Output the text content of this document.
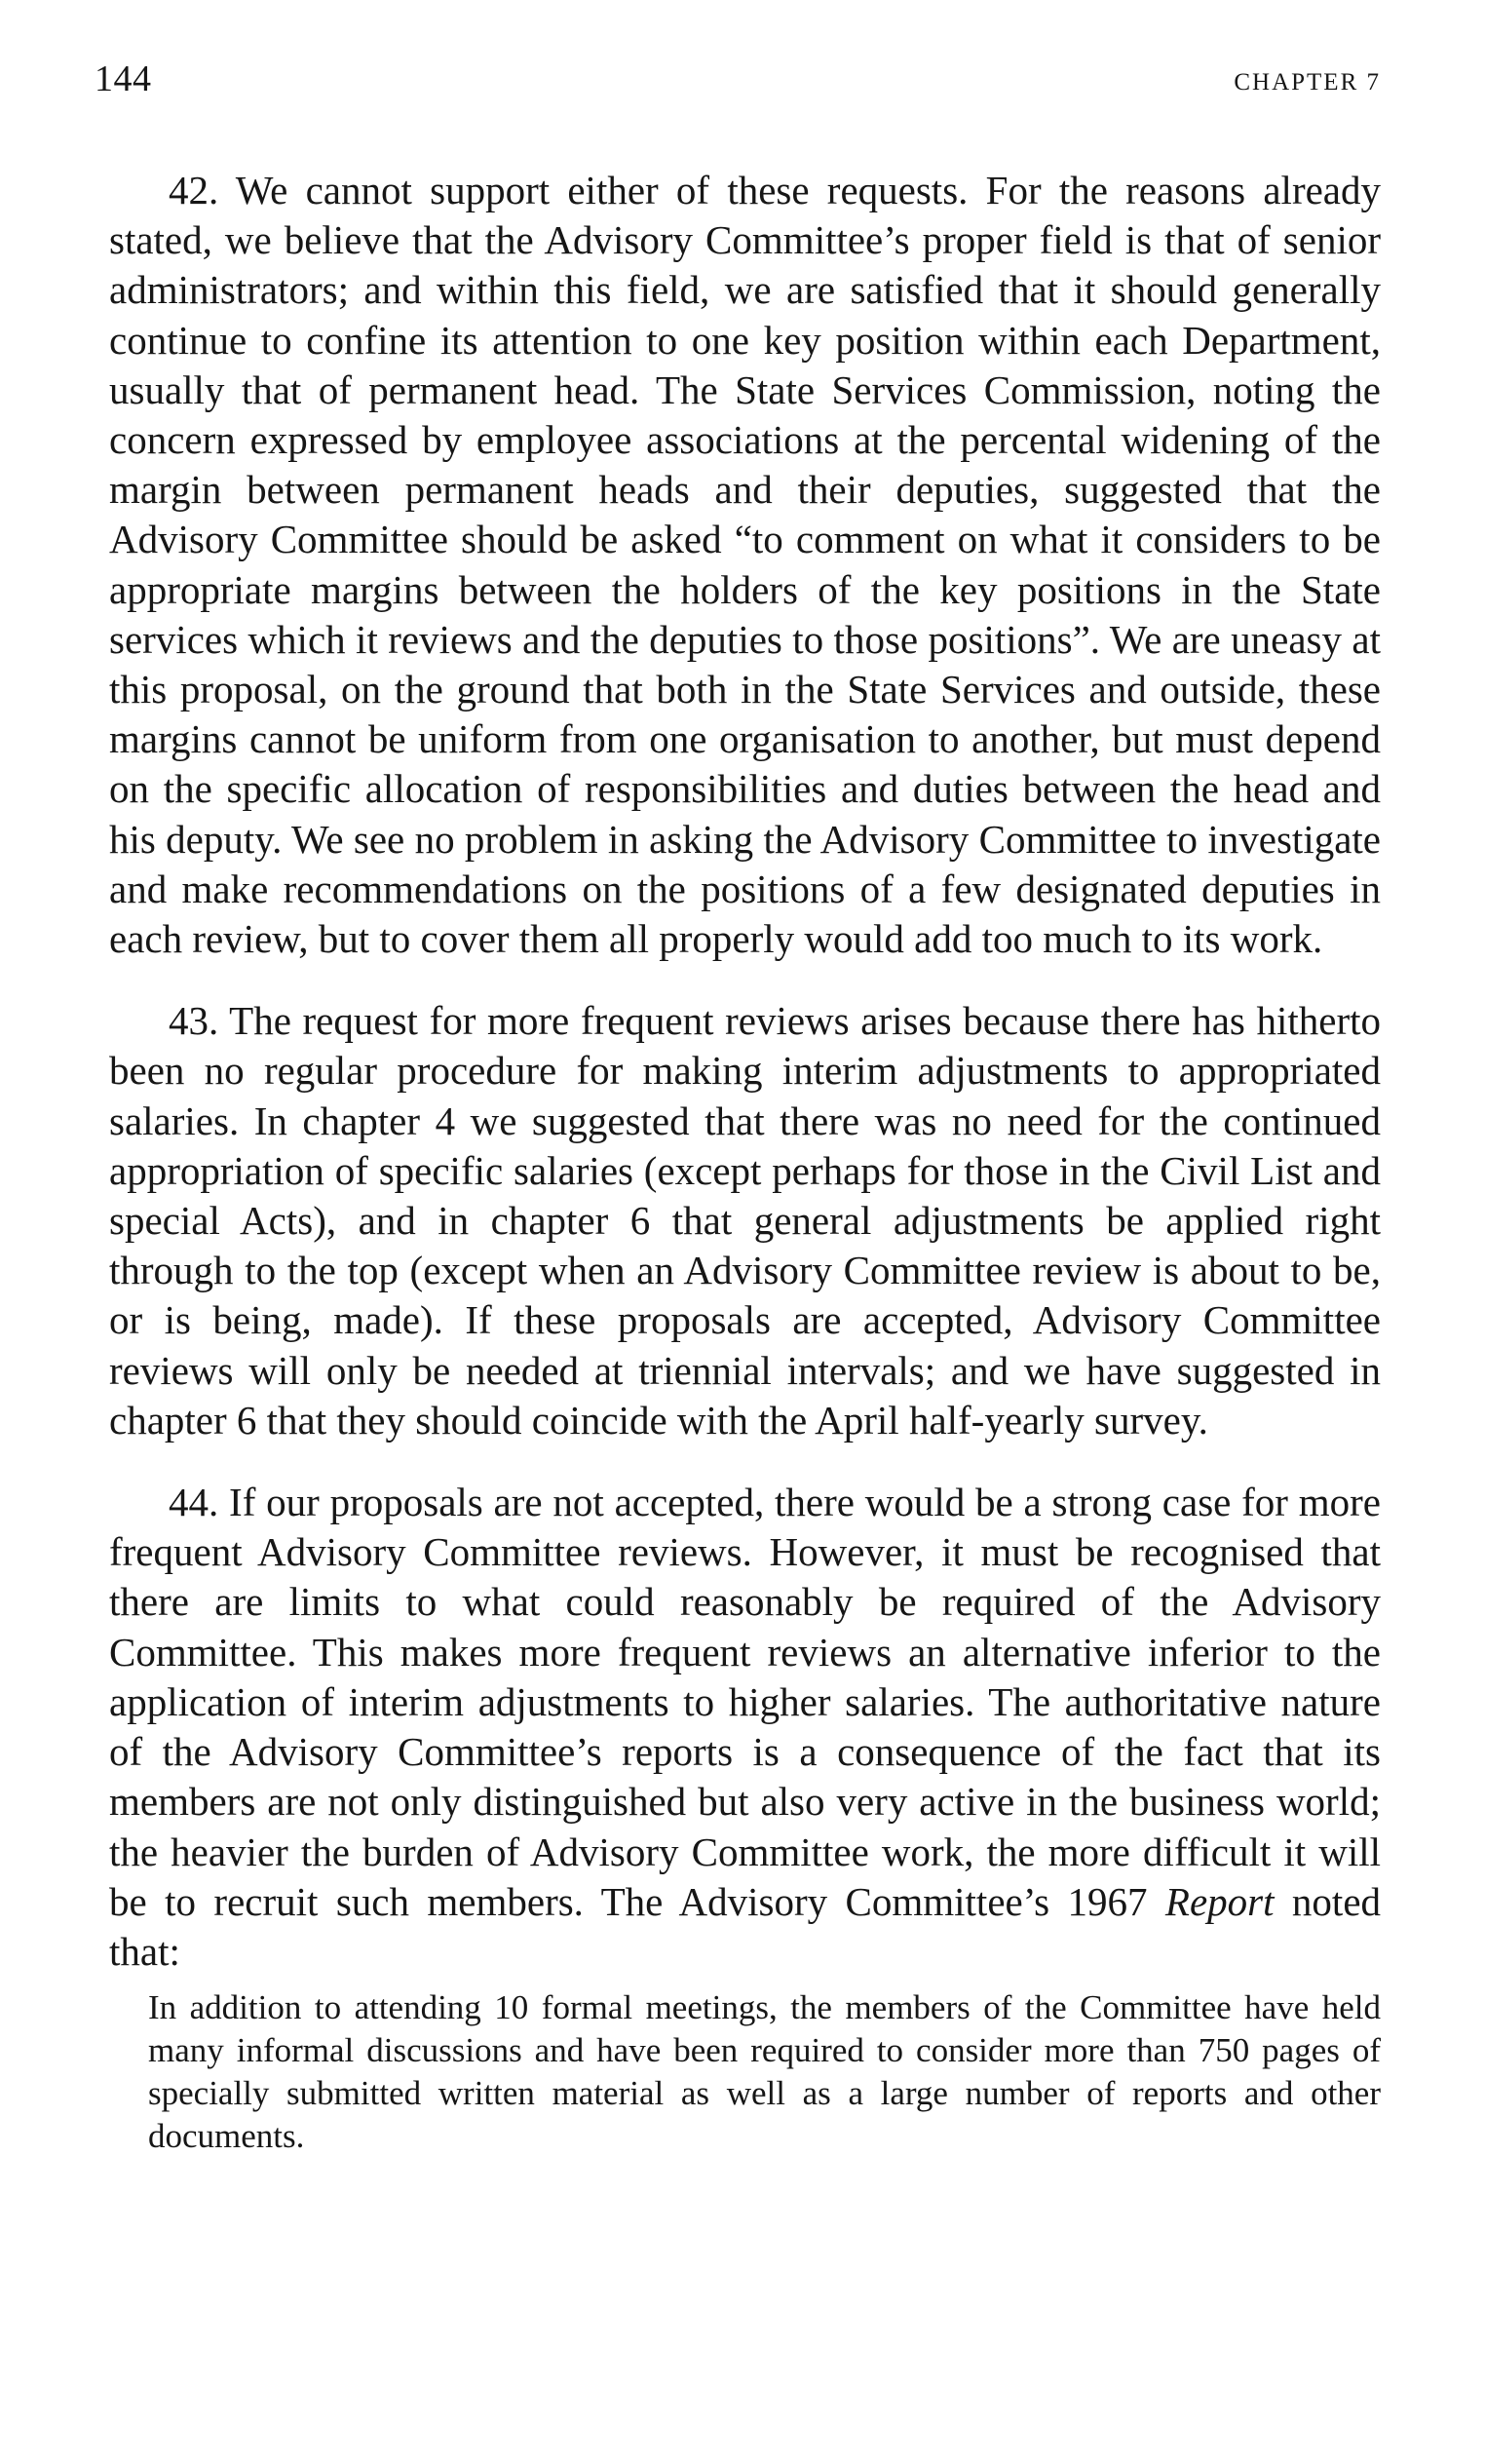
144	CHAPTER 7

42. We cannot support either of these requests. For the reasons already stated, we believe that the Advisory Committee’s proper field is that of senior administrators; and within this field, we are satisfied that it should generally continue to confine its attention to one key position within each Department, usually that of permanent head. The State Services Commission, noting the concern expressed by employee associations at the percental widening of the margin between permanent heads and their deputies, suggested that the Advisory Committee should be asked “to comment on what it considers to be appropriate margins between the holders of the key positions in the State services which it reviews and the deputies to those positions”. We are uneasy at this proposal, on the ground that both in the State Services and outside, these margins cannot be uniform from one organisation to another, but must depend on the specific allocation of responsibilities and duties between the head and his deputy. We see no problem in asking the Advisory Committee to investigate and make recommendations on the positions of a few designated deputies in each review, but to cover them all properly would add too much to its work.

43. The request for more frequent reviews arises because there has hitherto been no regular procedure for making interim adjustments to appropriated salaries. In chapter 4 we suggested that there was no need for the continued appropriation of specific salaries (except perhaps for those in the Civil List and special Acts), and in chapter 6 that general adjustments be applied right through to the top (except when an Advisory Committee review is about to be, or is being, made). If these proposals are accepted, Advisory Committee reviews will only be needed at triennial intervals; and we have suggested in chapter 6 that they should coincide with the April half-yearly survey.

44. If our proposals are not accepted, there would be a strong case for more frequent Advisory Committee reviews. However, it must be recognised that there are limits to what could reasonably be required of the Advisory Committee. This makes more frequent reviews an alternative inferior to the application of interim adjustments to higher salaries. The authoritative nature of the Advisory Committee’s reports is a consequence of the fact that its members are not only distinguished but also very active in the business world; the heavier the burden of Advisory Committee work, the more difficult it will be to recruit such members. The Advisory Committee’s 1967 Report noted that:

In addition to attending 10 formal meetings, the members of the Committee have held many informal discussions and have been required to consider more than 750 pages of specially submitted written material as well as a large number of reports and other documents.
